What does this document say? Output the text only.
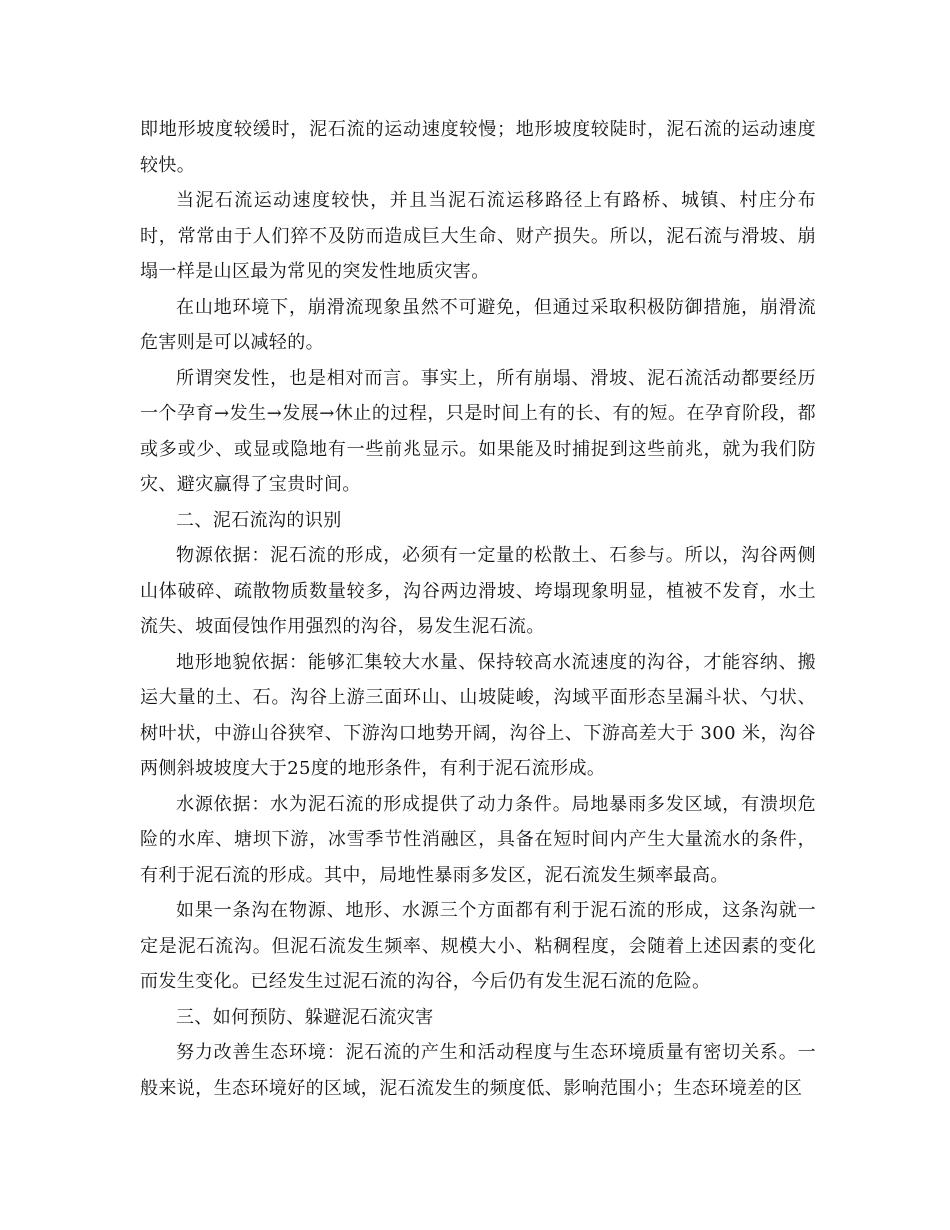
即地形坡度较缓时，泥石流的运动速度较慢；地形坡度较陡时，泥石流的运动速度较快。

当泥石流运动速度较快，并且当泥石流运移路径上有路桥、城镇、村庄分布时，常常由于人们猝不及防而造成巨大生命、财产损失。所以，泥石流与滑坡、崩塌一样是山区最为常见的突发性地质灾害。

在山地环境下，崩滑流现象虽然不可避免，但通过采取积极防御措施，崩滑流危害则是可以减轻的。

所谓突发性，也是相对而言。事实上，所有崩塌、滑坡、泥石流活动都要经历一个孕育→发生→发展→休止的过程，只是时间上有的长、有的短。在孕育阶段，都或多或少、或显或隐地有一些前兆显示。如果能及时捕捉到这些前兆，就为我们防灾、避灾赢得了宝贵时间。

二、泥石流沟的识别

物源依据：泥石流的形成，必须有一定量的松散土、石参与。所以，沟谷两侧山体破碎、疏散物质数量较多，沟谷两边滑坡、垮塌现象明显，植被不发育，水土流失、坡面侵蚀作用强烈的沟谷，易发生泥石流。

地形地貌依据：能够汇集较大水量、保持较高水流速度的沟谷，才能容纳、搬运大量的土、石。沟谷上游三面环山、山坡陡峻，沟域平面形态呈漏斗状、勺状、树叶状，中游山谷狭窄、下游沟口地势开阔，沟谷上、下游高差大于 300 米，沟谷两侧斜坡坡度大于25度的地形条件，有利于泥石流形成。

水源依据：水为泥石流的形成提供了动力条件。局地暴雨多发区域，有溃坝危险的水库、塘坝下游，冰雪季节性消融区，具备在短时间内产生大量流水的条件，有利于泥石流的形成。其中，局地性暴雨多发区，泥石流发生频率最高。

如果一条沟在物源、地形、水源三个方面都有利于泥石流的形成，这条沟就一定是泥石流沟。但泥石流发生频率、规模大小、粘稠程度，会随着上述因素的变化而发生变化。已经发生过泥石流的沟谷，今后仍有发生泥石流的危险。

三、如何预防、躲避泥石流灾害

努力改善生态环境：泥石流的产生和活动程度与生态环境质量有密切关系。一般来说，生态环境好的区域，泥石流发生的频度低、影响范围小；生态环境差的区
